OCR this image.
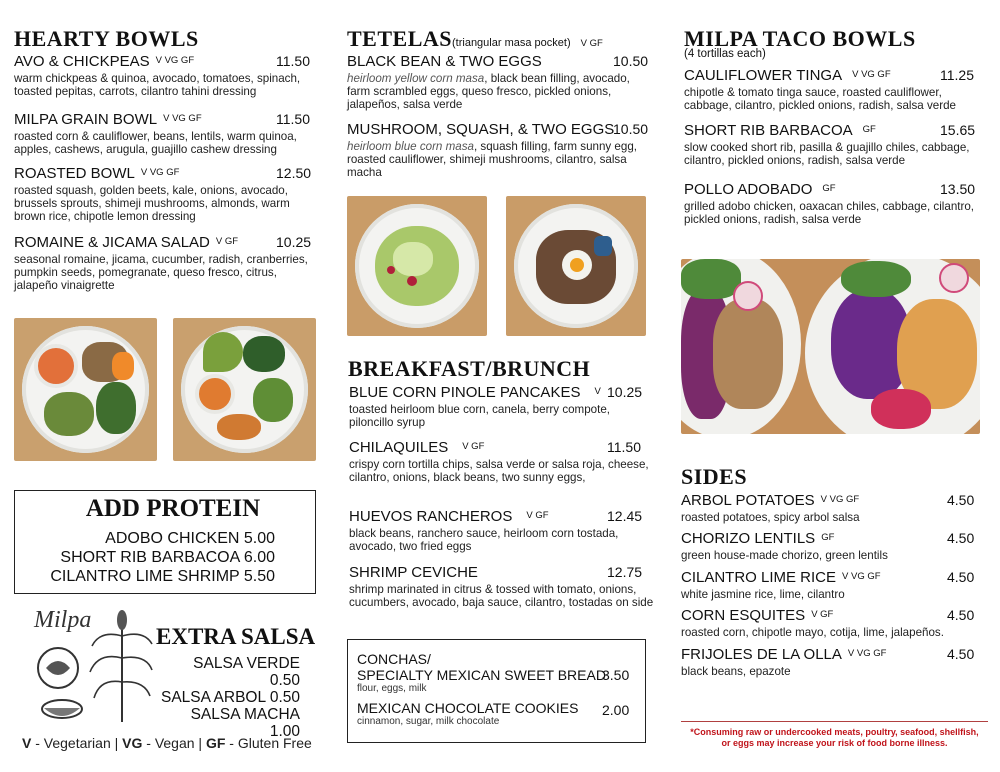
HEARTY BOWLS
AVO & CHICKPEAS V VG GF	11.50
warm chickpeas & quinoa, avocado, tomatoes, spinach, toasted pepitas, carrots, cilantro tahini dressing
MILPA GRAIN BOWL V VG GF	11.50
roasted corn & cauliflower, beans, lentils, warm quinoa, apples, cashews, arugula, guajillo cashew dressing
ROASTED BOWL V VG GF	12.50
roasted squash, golden beets, kale, onions, avocado, brussels sprouts, shimeji mushrooms, almonds, warm brown rice, chipotle lemon dressing
ROMAINE & JICAMA SALAD V GF	10.25
seasonal romaine, jicama, cucumber, radish, cranberries, pumpkin seeds, pomegranate, queso fresco, citrus, jalapeño vinaigrette
ADD PROTEIN
ADOBO CHICKEN 5.00
SHORT RIB BARBACOA 6.00
CILANTRO LIME SHRIMP 5.50
Milpa
EXTRA SALSA
SALSA VERDE 0.50
SALSA ARBOL 0.50
SALSA MACHA 1.00
V - Vegetarian | VG - Vegan | GF - Gluten Free
TETELAS(triangular masa pocket) V GF
BLACK BEAN & TWO EGGS	10.50
heirloom yellow corn masa, black bean filling, avocado, farm scrambled eggs, queso fresco, pickled onions, jalapeños, salsa verde
MUSHROOM, SQUASH, & TWO EGGS
10.50
heirloom blue corn masa, squash filling, farm sunny egg, roasted cauliflower, shimeji mushrooms, cilantro, salsa macha
BREAKFAST/BRUNCH
BLUE CORN PINOLE PANCAKES V 10.25
toasted heirloom blue corn, canela, berry compote, piloncillo syrup
CHILAQUILES V GF	11.50
crispy corn tortilla chips, salsa verde or salsa roja, cheese, cilantro, onions, black beans, two sunny eggs,
HUEVOS RANCHEROS V GF	12.45
black beans, ranchero sauce, heirloom corn tostada, avocado, two fried eggs
SHRIMP CEVICHE	12.75
shrimp marinated in citrus & tossed with tomato, onions, cucumbers, avocado, baja sauce, cilantro, tostadas on side
CONCHAS/
SPECIALTY MEXICAN SWEET BREAD
flour, eggs, milk
3.50
MEXICAN CHOCOLATE COOKIES
cinnamon, sugar, milk chocolate
2.00
MILPA TACO BOWLS
(4 tortillas each)
CAULIFLOWER TINGA V VG GF	11.25
chipotle & tomato tinga sauce, roasted cauliflower, cabbage, cilantro, pickled onions, radish, salsa verde
SHORT RIB BARBACOA GF	15.65
slow cooked short rib, pasilla & guajillo chiles, cabbage, cilantro, pickled onions, radish, salsa verde
POLLO ADOBADO GF	13.50
grilled adobo chicken, oaxacan chiles, cabbage, cilantro, pickled onions, radish, salsa verde
SIDES
ARBOL POTATOES V VG GF	4.50
roasted potatoes, spicy arbol salsa
CHORIZO LENTILS GF	4.50
green house-made chorizo, green lentils
CILANTRO LIME RICE V VG GF	4.50
white jasmine rice, lime, cilantro
CORN ESQUITES V GF	4.50
roasted corn, chipotle mayo, cotija, lime, jalapeños.
FRIJOLES DE LA OLLA V VG GF	4.50
black beans, epazote
*Consuming raw or undercooked meats, poultry, seafood, shellfish,
or eggs may increase your risk of food borne illness.
